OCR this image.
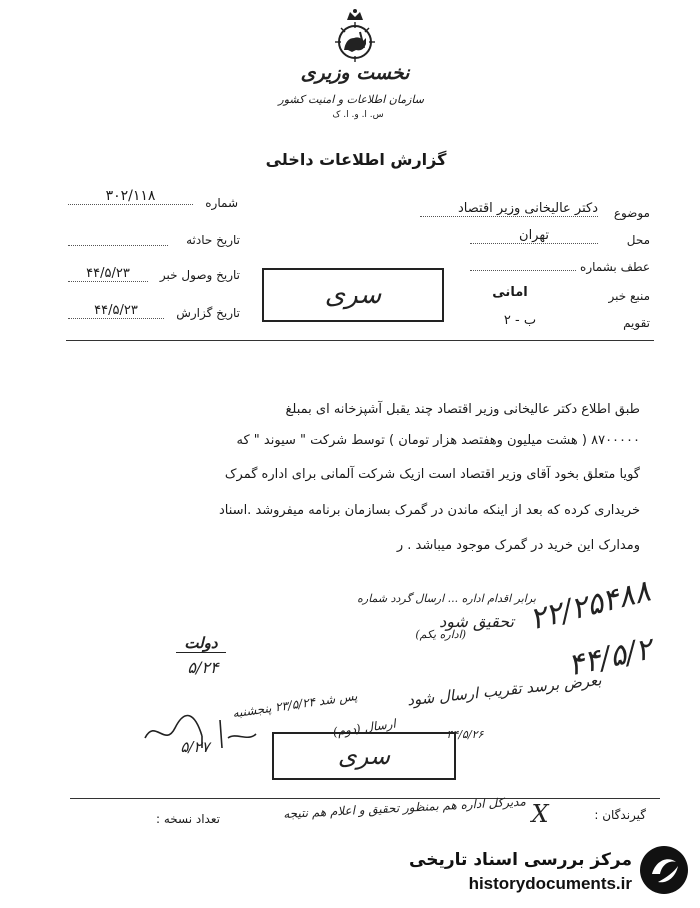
نخست وزیری
سازمان اطلاعات و امنیت کشور
س. ا. و. ا. ک
گزارش اطلاعات داخلی
شماره
۳۰۲/۱۱۸
تاریخ حادثه
تاریخ وصول خبر
۴۴/۵/۲۳
تاریخ گزارش
۴۴/۵/۲۳
سری
موضوع
دکتر عالیخانی وزیر اقتصاد
محل
تهران
عطف بشماره
منبع خبر
امانی
تقویم
ب - ۲
طبق اطلاع دکتر عالیخانی وزیر اقتصاد چند یقبل آشپزخانه ای بمبلغ
۸۷۰۰۰۰۰ ( هشت میلیون وهفتصد هزار تومان ) توسط شرکت " سیوند " که
گویا متعلق بخود آقای وزیر اقتصاد است ازیک شرکت آلمانی برای اداره گمرک
خریداری کرده که بعد از اینکه ماندن در گمرک بسازمان برنامه میفروشد .اسناد
ومدارک این خرید در گمرک موجود میباشد . ر
برابر اقدام اداره ... ارسال گردد شماره
تحقیق شود
(اداره یکم)	۲۲/۲۵۴۸۸
۴۴/۵/۲
دولت
۵/۲۴
بعرض برسد تقریب ارسال شود
پس شد ۲۳/۵/۲۴ پنجشنبه
ارسال (دوم)	۴۴/۵/۲۶
سری
۵/۲۷
گیرندگان :
X
مدیرکل اداره هم بمنظور تحقیق و اعلام هم نتیجه
تعداد نسخه :
مرکز بررسی اسناد تاریخی
historydocuments.ir
